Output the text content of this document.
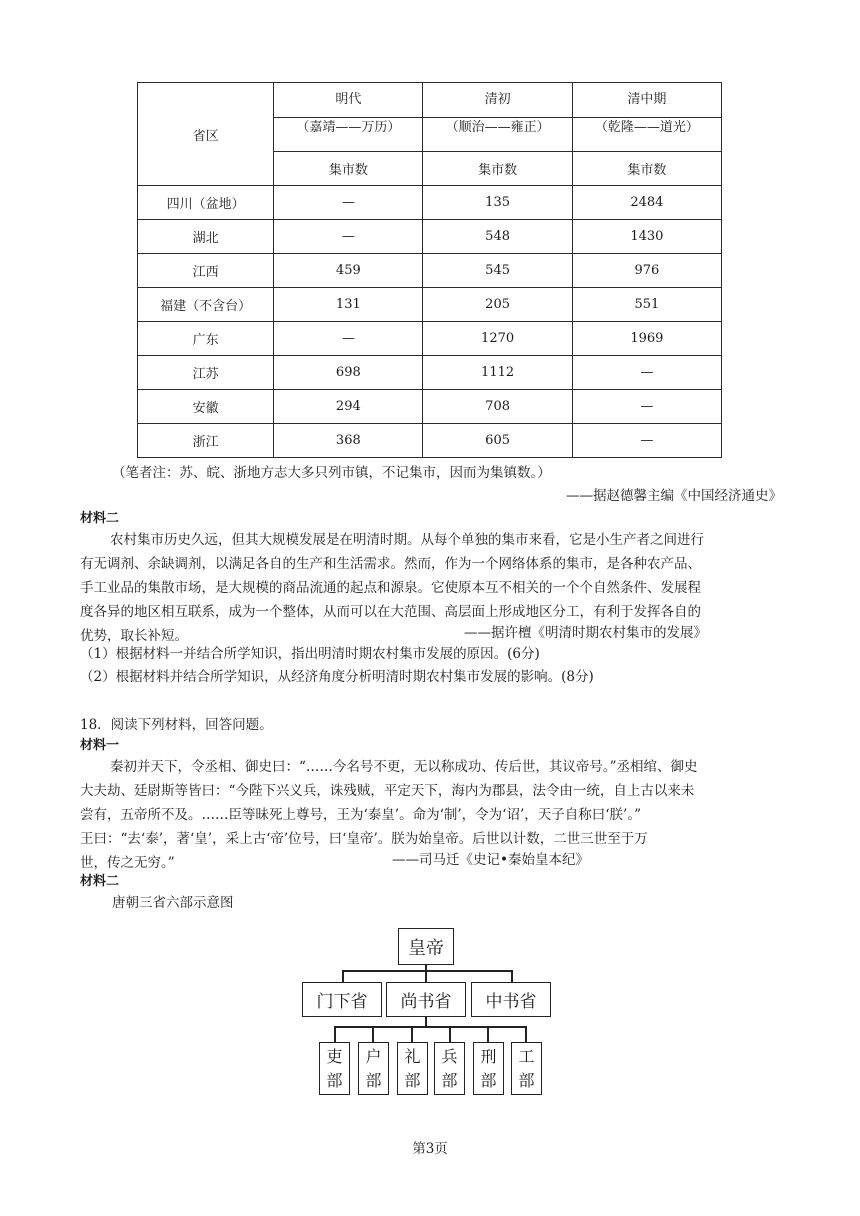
省区	明代	清初	清中期
	（嘉靖——万历）	（顺治——雍正）	（乾隆——道光）
	集市数	集市数	集市数
四川（盆地）	—	135	2484
湖北	—	548	1430
江西	459	545	976
福建（不含台）	131	205	551
广东	—	1270	1969
江苏	698	1112	—
安徽	294	708	—
浙江	368	605	—
（笔者注：苏、皖、浙地方志大多只列市镇，不记集市，因而为集镇数。）
——据赵德馨主编《中国经济通史》
材料二
农村集市历史久远，但其大规模发展是在明清时期。从每个单独的集市来看，它是小生产者之间进行
有无调剂、余缺调剂，以满足各自的生产和生活需求。然而，作为一个网络体系的集市，是各种农产品、
手工业品的集散市场，是大规模的商品流通的起点和源泉。它使原本互不相关的一个个自然条件、发展程
度各异的地区相互联系，成为一个整体，从而可以在大范围、高层面上形成地区分工，有利于发挥各自的
优势，取长补短。	——据许檀《明清时期农村集市的发展》
（1）根据材料一并结合所学知识，指出明清时期农村集市发展的原因。(6分)
（2）根据材料并结合所学知识，从经济角度分析明清时期农村集市发展的影响。(8分)
18．阅读下列材料，回答问题。
材料一
秦初并天下，令丞相、御史曰：“……今名号不更，无以称成功、传后世，其议帝号。”丞相绾、御史
大夫劫、廷尉斯等皆曰：“今陛下兴义兵，诛残贼，平定天下，海内为郡县，法令由一统，自上古以来未
尝有，五帝所不及。……臣等昧死上尊号，王为‘泰皇’。命为‘制’，令为‘诏’，天子自称曰‘朕’。”
王曰：“去‘泰’，著‘皇’，采上古‘帝’位号，曰‘皇帝’。朕为始皇帝。后世以计数，二世三世至于万
世，传之无穷。”	——司马迁《史记•秦始皇本纪》
材料二
唐朝三省六部示意图
皇帝
门下省	尚书省	中书省
吏
部
户
部
礼
部
兵
部
刑
部
工
部
第3页
